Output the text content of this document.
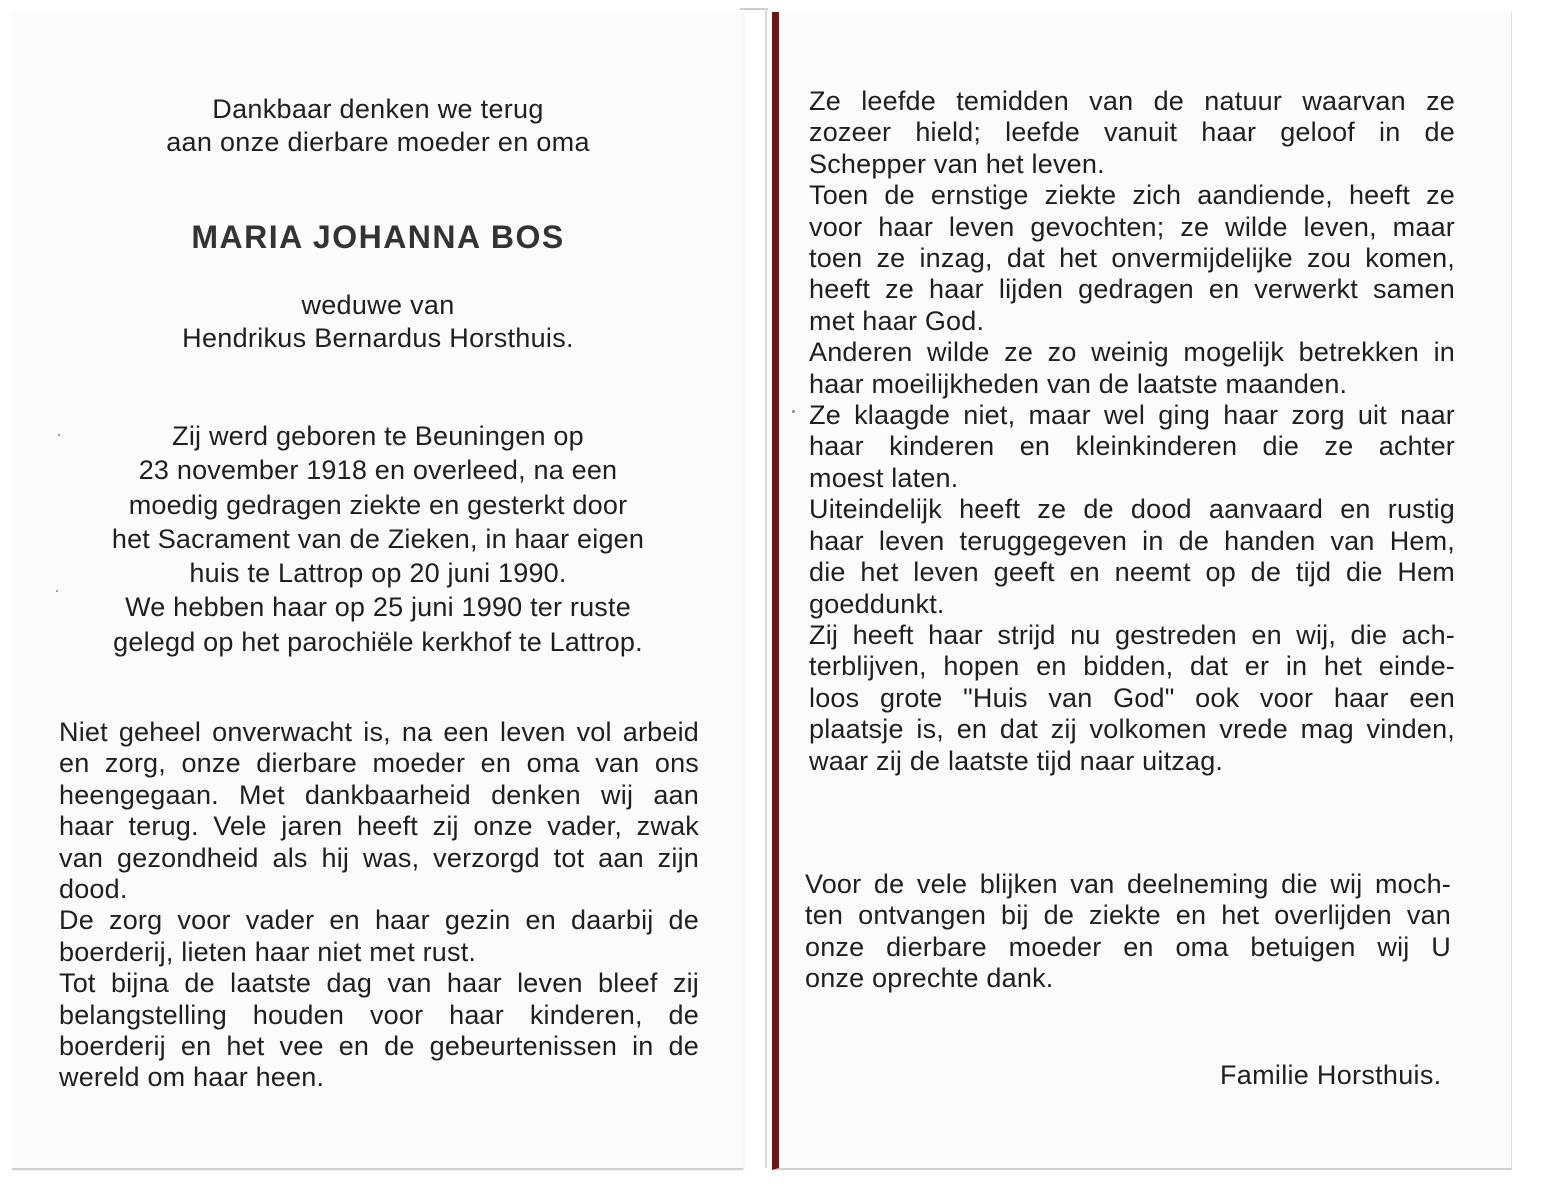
Dankbaar denken we terug

aan onze dierbare moeder en oma

MARIA JOHANNA BOS

weduwe van

Hendrikus Bernardus Horsthuis.

Zij werd geboren te Beuningen op
23 november 1918 en overleed, na een
moedig gedragen ziekte en gesterkt door
het Sacrament van de Zieken, in haar eigen
huis te Lattrop op 20 juni 1990.
We hebben haar op 25 juni 1990 ter ruste
gelegd op het parochiële kerkhof te Lattrop.
Niet geheel onverwacht is, na een leven vol arbeid
en zorg, onze dierbare moeder en oma van ons
heengegaan. Met dankbaarheid denken wij aan
haar terug. Vele jaren heeft zij onze vader, zwak
van gezondheid als hij was, verzorgd tot aan zijn
dood.
De zorg voor vader en haar gezin en daarbij de
boerderij, lieten haar niet met rust.
Tot bijna de laatste dag van haar leven bleef zij
belangstelling houden voor haar kinderen, de
boerderij en het vee en de gebeurtenissen in de
wereld om haar heen.
Ze leefde temidden van de natuur waarvan ze
zozeer hield; leefde vanuit haar geloof in de
Schepper van het leven.
Toen de ernstige ziekte zich aandiende, heeft ze
voor haar leven gevochten; ze wilde leven, maar
toen ze inzag, dat het onvermijdelijke zou komen,
heeft ze haar lijden gedragen en verwerkt samen
met haar God.
Anderen wilde ze zo weinig mogelijk betrekken in
haar moeilijkheden van de laatste maanden.
Ze klaagde niet, maar wel ging haar zorg uit naar
haar kinderen en kleinkinderen die ze achter
moest laten.
Uiteindelijk heeft ze de dood aanvaard en rustig
haar leven teruggegeven in de handen van Hem,
die het leven geeft en neemt op de tijd die Hem
goeddunkt.
Zij heeft haar strijd nu gestreden en wij, die ach-
terblijven, hopen en bidden, dat er in het einde-
loos grote "Huis van God" ook voor haar een
plaatsje is, en dat zij volkomen vrede mag vinden,
waar zij de laatste tijd naar uitzag.
Voor de vele blijken van deelneming die wij moch-
ten ontvangen bij de ziekte en het overlijden van
onze dierbare moeder en oma betuigen wij U
onze oprechte dank.

Familie Horsthuis.
